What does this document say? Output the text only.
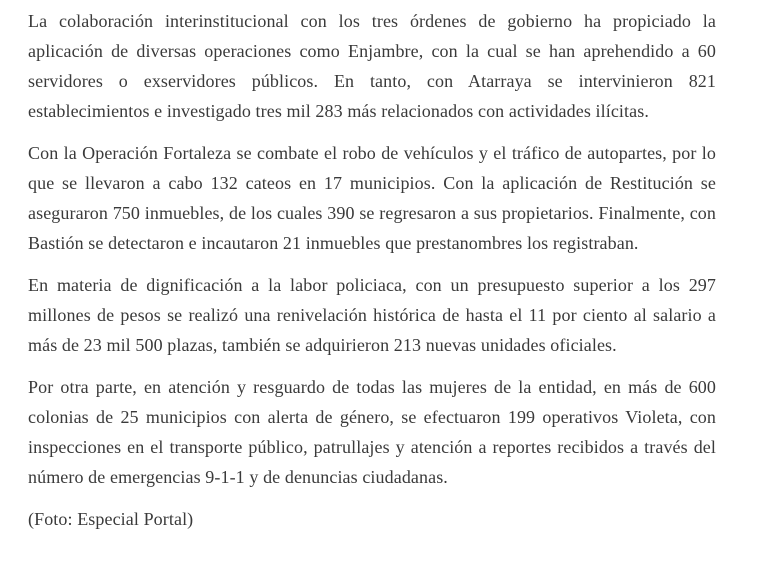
La colaboración interinstitucional con los tres órdenes de gobierno ha propiciado la aplicación de diversas operaciones como Enjambre, con la cual se han aprehendido a 60 servidores o exservidores públicos. En tanto, con Atarraya se intervinieron 821 establecimientos e investigado tres mil 283 más relacionados con actividades ilícitas.

Con la Operación Fortaleza se combate el robo de vehículos y el tráfico de autopartes, por lo que se llevaron a cabo 132 cateos en 17 municipios. Con la aplicación de Restitución se aseguraron 750 inmuebles, de los cuales 390 se regresaron a sus propietarios. Finalmente, con Bastión se detectaron e incautaron 21 inmuebles que prestanombres los registraban.

En materia de dignificación a la labor policiaca, con un presupuesto superior a los 297 millones de pesos se realizó una renivelación histórica de hasta el 11 por ciento al salario a más de 23 mil 500 plazas, también se adquirieron 213 nuevas unidades oficiales.

Por otra parte, en atención y resguardo de todas las mujeres de la entidad, en más de 600 colonias de 25 municipios con alerta de género, se efectuaron 199 operativos Violeta, con inspecciones en el transporte público, patrullajes y atención a reportes recibidos a través del número de emergencias 9-1-1 y de denuncias ciudadanas.

(Foto: Especial Portal)
